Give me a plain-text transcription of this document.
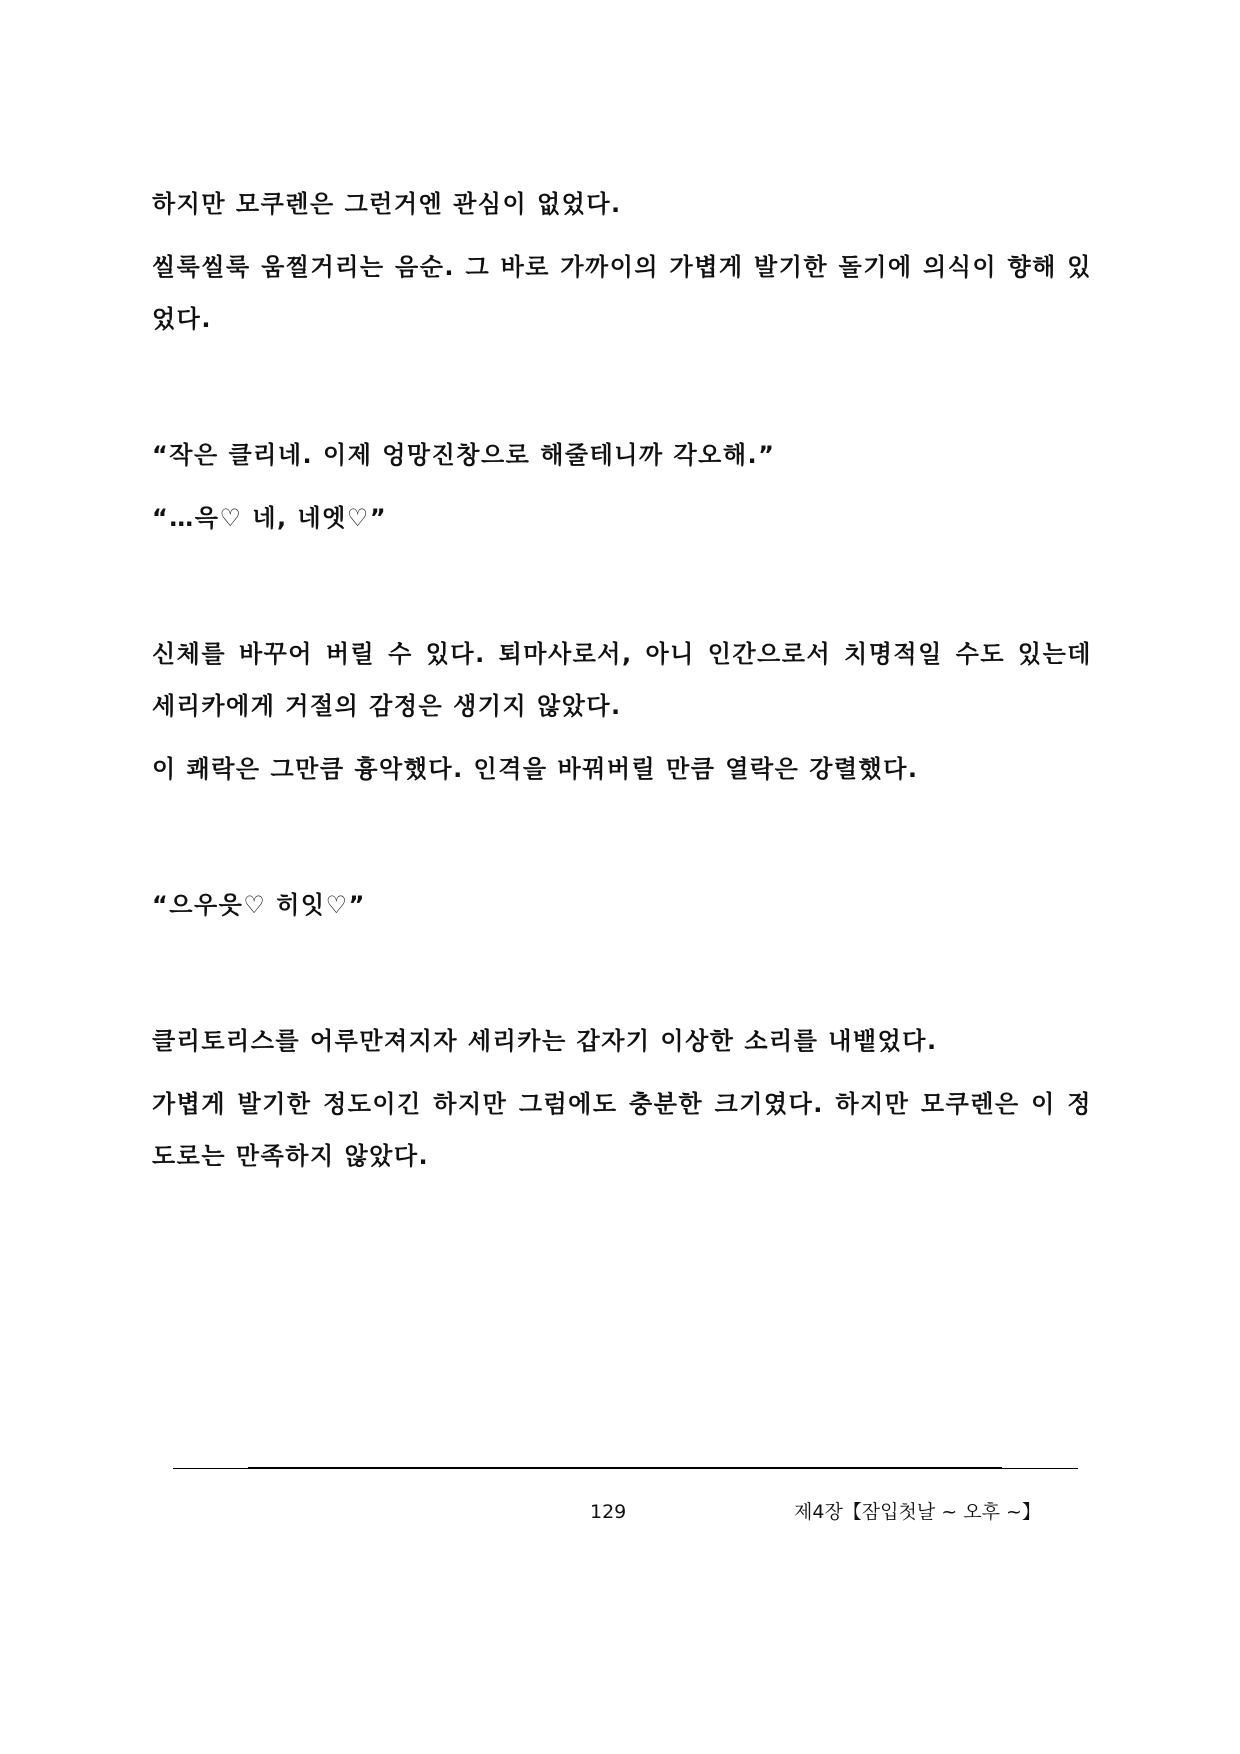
하지만 모쿠렌은 그런거엔 관심이 없었다.

씰룩씰룩 움찔거리는 음순. 그 바로 가까이의 가볍게 발기한 돌기에 의식이 향해 있었다.

“작은 클리네. 이제 엉망진창으로 해줄테니까 각오해.”

“…윽♡ 네, 네엣♡”

신체를 바꾸어 버릴 수 있다. 퇴마사로서, 아니 인간으로서 치명적일 수도 있는데 세리카에게 거절의 감정은 생기지 않았다.

이 쾌락은 그만큼 흉악했다. 인격을 바꿔버릴 만큼 열락은 강렬했다.

“으우읏♡ 히잇♡”

클리토리스를 어루만져지자 세리카는 갑자기 이상한 소리를 내뱉었다.

가볍게 발기한 정도이긴 하지만 그럼에도 충분한 크기였다. 하지만 모쿠렌은 이 정도로는 만족하지 않았다.

129	제4장【잠입첫날 ~ 오후 ~】
